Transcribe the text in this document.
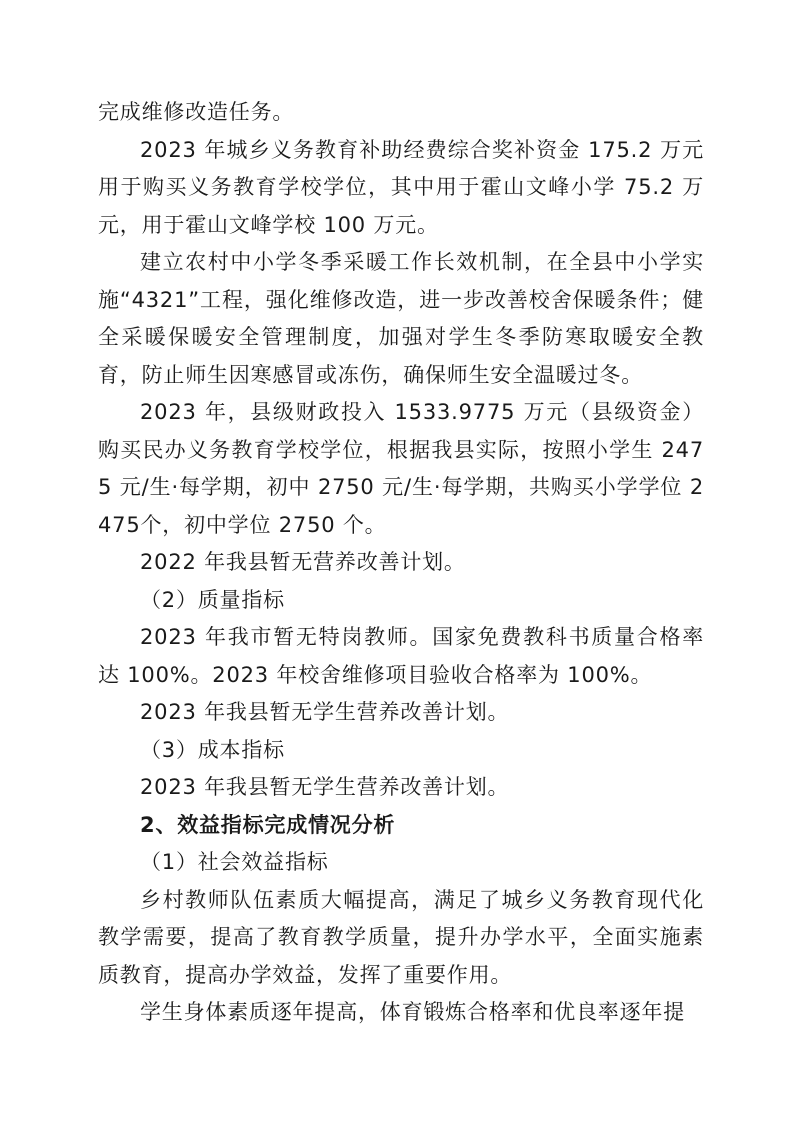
完成维修改造任务。

2023 年城乡义务教育补助经费综合奖补资金 175.2 万元用于购买义务教育学校学位，其中用于霍山文峰小学 75.2 万元，用于霍山文峰学校 100 万元。

建立农村中小学冬季采暖工作长效机制，在全县中小学实施“4321”工程，强化维修改造，进一步改善校舍保暖条件；健全采暖保暖安全管理制度，加强对学生冬季防寒取暖安全教育，防止师生因寒感冒或冻伤，确保师生安全温暖过冬。

2023 年，县级财政投入 1533.9775 万元（县级资金）购买民办义务教育学校学位，根据我县实际，按照小学生 2475 元/生·每学期，初中 2750 元/生·每学期，共购买小学学位 2475个，初中学位 2750 个。

2022 年我县暂无营养改善计划。

（2）质量指标

2023 年我市暂无特岗教师。国家免费教科书质量合格率达 100%。2023 年校舍维修项目验收合格率为 100%。

2023 年我县暂无学生营养改善计划。

（3）成本指标

2023 年我县暂无学生营养改善计划。

2、效益指标完成情况分析

（1）社会效益指标

乡村教师队伍素质大幅提高，满足了城乡义务教育现代化教学需要，提高了教育教学质量，提升办学水平，全面实施素质教育，提高办学效益，发挥了重要作用。

学生身体素质逐年提高，体育锻炼合格率和优良率逐年提
